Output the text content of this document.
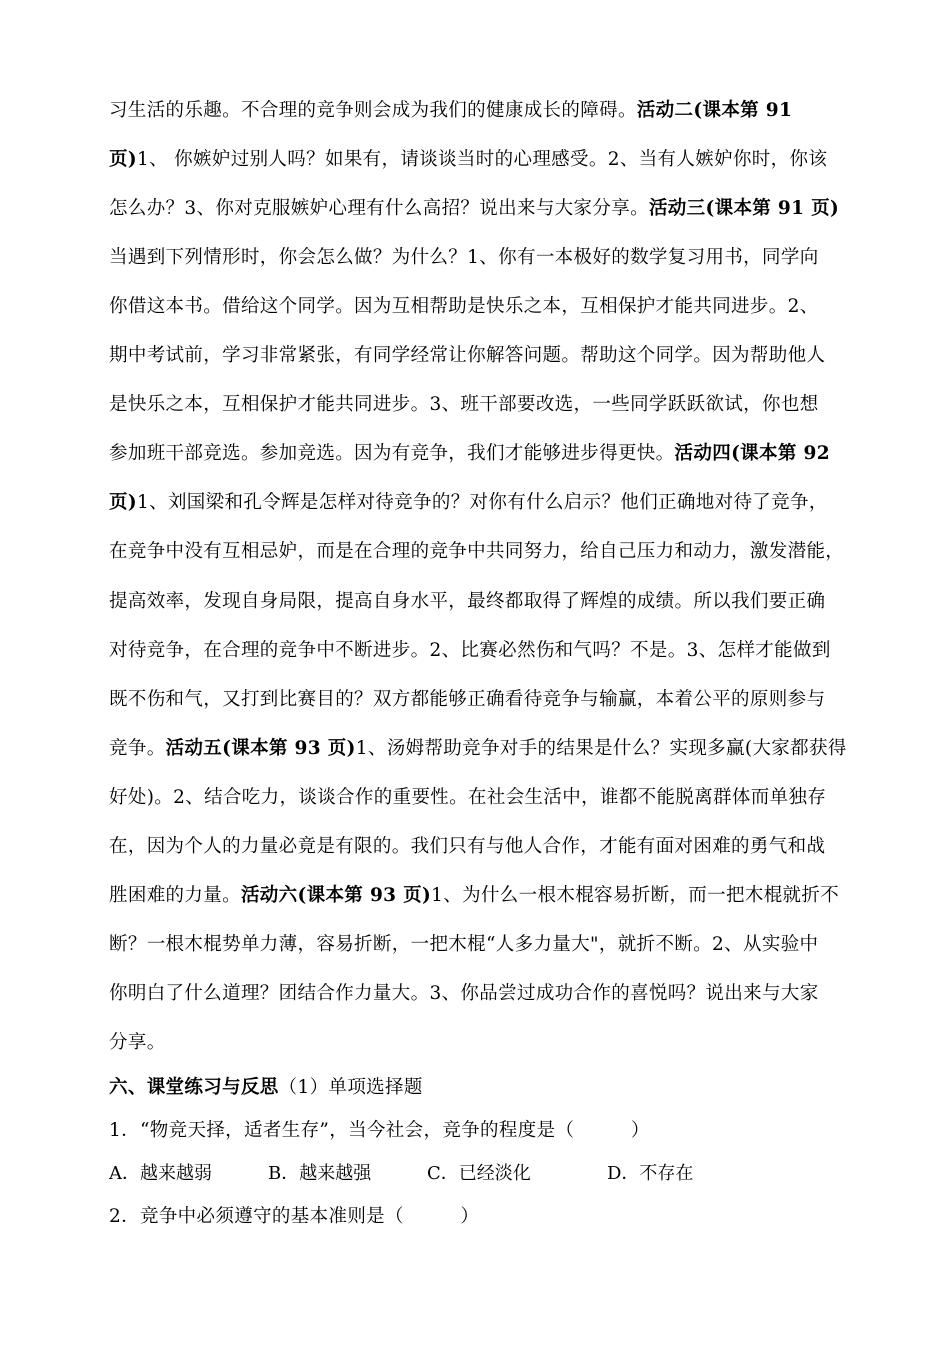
习生活的乐趣。不合理的竞争则会成为我们的健康成长的障碍。活动二(课本第 91
页)1、 你嫉妒过别人吗？如果有，请谈谈当时的心理感受。2、当有人嫉妒你时，你该
怎么办？3、你对克服嫉妒心理有什么高招？说出来与大家分享。活动三(课本第 91 页)
当遇到下列情形时，你会怎么做？为什么？1、你有一本极好的数学复习用书，同学向
你借这本书。借给这个同学。因为互相帮助是快乐之本，互相保护才能共同进步。2、
期中考试前，学习非常紧张，有同学经常让你解答问题。帮助这个同学。因为帮助他人
是快乐之本，互相保护才能共同进步。3、班干部要改选，一些同学跃跃欲试，你也想
参加班干部竞选。参加竞选。因为有竞争，我们才能够进步得更快。活动四(课本第 92
页)1、刘国梁和孔令辉是怎样对待竞争的？对你有什么启示？他们正确地对待了竞争，
在竞争中没有互相忌妒，而是在合理的竞争中共同努力，给自己压力和动力，激发潜能，
提高效率，发现自身局限，提高自身水平，最终都取得了辉煌的成绩。所以我们要正确
对待竞争，在合理的竞争中不断进步。2、比赛必然伤和气吗？不是。3、怎样才能做到
既不伤和气，又打到比赛目的？双方都能够正确看待竞争与输赢，本着公平的原则参与
竞争。活动五(课本第 93 页)1、汤姆帮助竞争对手的结果是什么？实现多赢(大家都获得
好处)。2、结合吃力，谈谈合作的重要性。在社会生活中，谁都不能脱离群体而单独存
在，因为个人的力量必竟是有限的。我们只有与他人合作，才能有面对困难的勇气和战
胜困难的力量。活动六(课本第 93 页)1、为什么一根木棍容易折断，而一把木棍就折不
断？一根木棍势单力薄，容易折断，一把木棍“人多力量大"，就折不断。2、从实验中
你明白了什么道理？团结合作力量大。3、你品尝过成功合作的喜悦吗？说出来与大家
分享。
六、课堂练习与反思（1）单项选择题
1．“物竞天择，适者生存”，当今社会，竞争的程度是（　　　）
A．越来越弱	B．越来越强	C．已经淡化	D．不存在
2．竞争中必须遵守的基本准则是（　　　）
